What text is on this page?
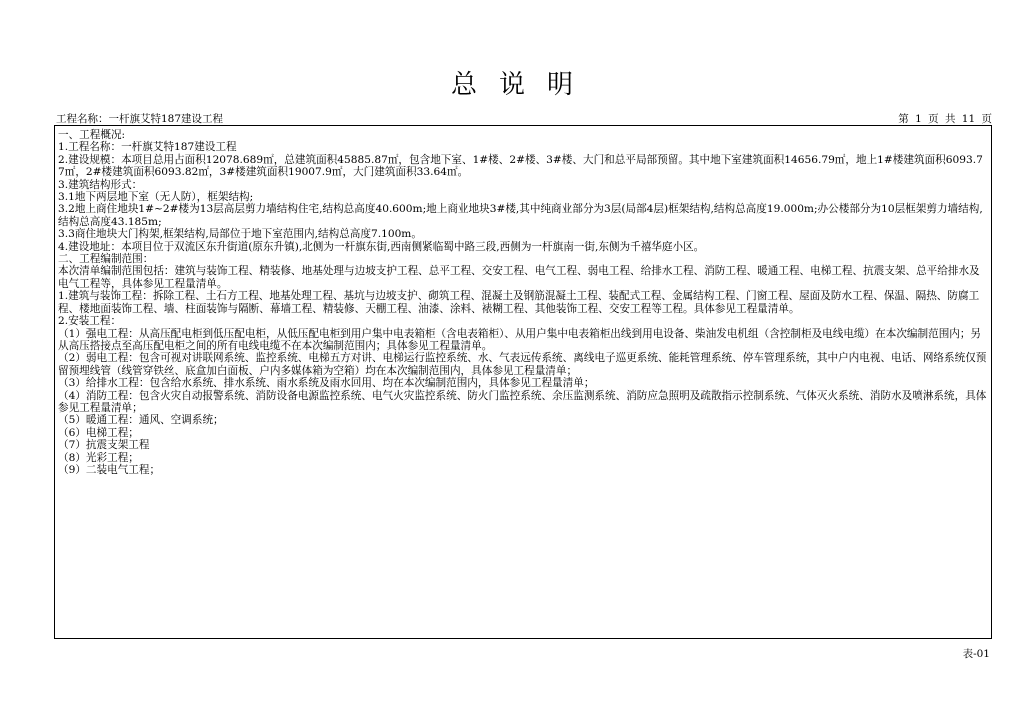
总说明
工程名称：一杆旗艾特187建设工程	第 1 页 共 11 页
一、工程概况:
1.工程名称：一杆旗艾特187建设工程
2.建设规模：本项目总用占面积12078.689㎡，总建筑面积45885.87㎡，包含地下室、1#楼、2#楼、3#楼、大门和总平局部预留。其中地下室建筑面积14656.79㎡，地上1#楼建筑面积6093.77㎡，2#楼建筑面积6093.82㎡，3#楼建筑面积19007.9㎡，大门建筑面积33.64㎡。
3.建筑结构形式：
3.1地下两层地下室（无人防），框架结构;
3.2地上商住地块1#~2#楼为13层高层剪力墙结构住宅,结构总高度40.600m;地上商业地块3#楼,其中纯商业部分为3层(局部4层)框架结构,结构总高度19.000m;办公楼部分为10层框架剪力墙结构,结构总高度43.185m;
3.3商住地块大门构架,框架结构,局部位于地下室范围内,结构总高度7.100m。
4.建设地址：本项目位于双流区东升街道(原东升镇),北侧为一杆旗东街,西南侧紧临蜀中路三段,西侧为一杆旗南一街,东侧为千禧华庭小区。
二、工程编制范围：
本次清单编制范围包括：建筑与装饰工程、精装修、地基处理与边坡支护工程、总平工程、交安工程、电气工程、弱电工程、给排水工程、消防工程、暖通工程、电梯工程、抗震支架、总平给排水及电气工程等，具体参见工程量清单。
1.建筑与装饰工程：拆除工程、土石方工程、地基处理工程、基坑与边坡支护、砌筑工程、混凝土及钢筋混凝土工程、装配式工程、金属结构工程、门窗工程、屋面及防水工程、保温、隔热、防腐工程、楼地面装饰工程、墙、柱面装饰与隔断、幕墙工程、精装修、天棚工程、油漆、涂料、裱糊工程、其他装饰工程、交安工程等工程。具体参见工程量清单。
2.安装工程：
（1）强电工程：从高压配电柜到低压配电柜，从低压配电柜到用户集中电表箱柜（含电表箱柜）、从用户集中电表箱柜出线到用电设备、柴油发电机组（含控制柜及电线电缆）在本次编制范围内；另从高压搭接点至高压配电柜之间的所有电线电缆不在本次编制范围内；具体参见工程量清单。
（2）弱电工程：包含可视对讲联网系统、监控系统、电梯五方对讲、电梯运行监控系统、水、气表远传系统、离线电子巡更系统、能耗管理系统、停车管理系统，其中户内电视、电话、网络系统仅预留预埋线管（线管穿铁丝、底盒加白面板、户内多媒体箱为空箱）均在本次编制范围内，具体参见工程量清单；
（3）给排水工程：包含给水系统、排水系统、雨水系统及雨水回用、均在本次编制范围内，具体参见工程量清单；
（4）消防工程：包含火灾自动报警系统、消防设备电源监控系统、电气火灾监控系统、防火门监控系统、余压监测系统、消防应急照明及疏散指示控制系统、气体灭火系统、消防水及喷淋系统，具体参见工程量清单；
（5）暖通工程：通风、空调系统；
（6）电梯工程；
（7）抗震支架工程
（8）光彩工程；
（9）二装电气工程；
表-01
